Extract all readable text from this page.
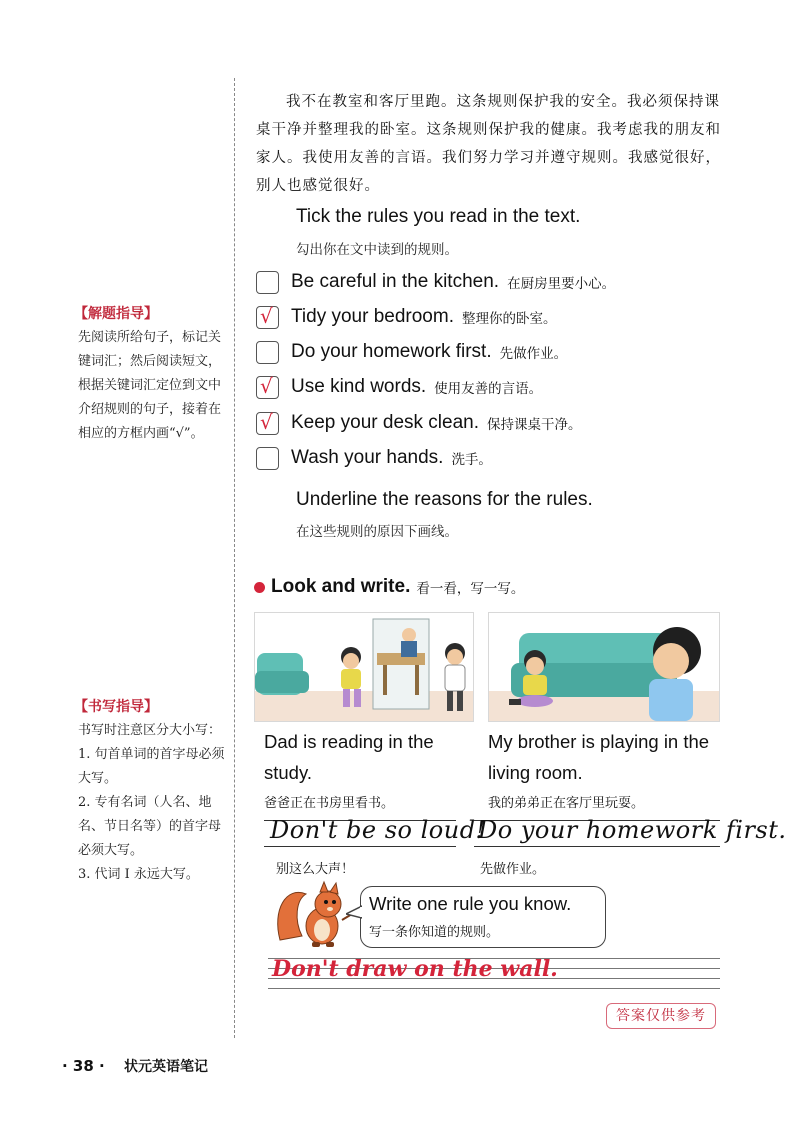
【解题指导】
先阅读所给句子，标记关键词汇；然后阅读短文，根据关键词汇定位到文中介绍规则的句子，接着在相应的方框内画“√”。
【书写指导】
书写时注意区分大小写：
1. 句首单词的首字母必须大写。
2. 专有名词（人名、地名、节日名等）的首字母必须大写。
3. 代词 I 永远大写。
我不在教室和客厅里跑。这条规则保护我的安全。我必须保持课桌干净并整理我的卧室。这条规则保护我的健康。我考虑我的朋友和家人。我使用友善的言语。我们努力学习并遵守规则。我感觉很好，别人也感觉很好。
Tick the rules you read in the text.
勾出你在文中读到的规则。
Be careful in the kitchen. 在厨房里要小心。
√ Tidy your bedroom. 整理你的卧室。
Do your homework first. 先做作业。
√ Use kind words. 使用友善的言语。
√ Keep your desk clean. 保持课桌干净。
Wash your hands. 洗手。
Underline the reasons for the rules.
在这些规则的原因下画线。
Look and write. 看一看，写一写。
Dad is reading in the study.
爸爸正在书房里看书。
My brother is playing in the living room.
我的弟弟正在客厅里玩耍。
Don't be so loud!
别这么大声！
Do your homework first.
先做作业。
Write one rule you know.
写一条你知道的规则。
Don't draw on the wall.
答案仅供参考
· 38 · 状元英语笔记
